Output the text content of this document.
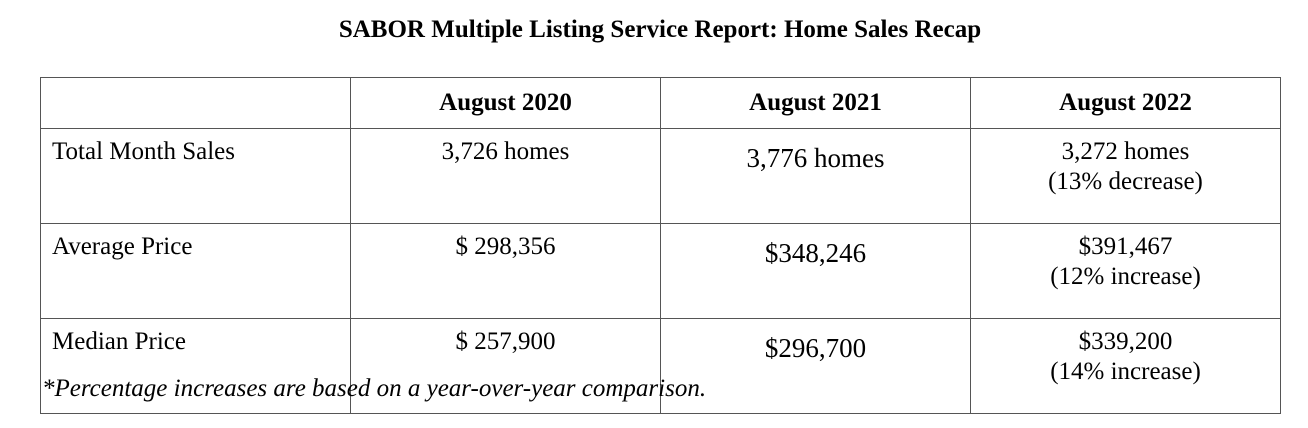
SABOR Multiple Listing Service Report: Home Sales Recap
	August 2020	August 2021	August 2022
Total Month Sales	3,726 homes	3,776 homes	3,272 homes
(13% decrease)

Average Price	$ 298,356	$348,246	$391,467
(12% increase)

Median Price	$ 257,900	$296,700	$339,200
(14% increase)
*Percentage increases are based on a year-over-year comparison.
